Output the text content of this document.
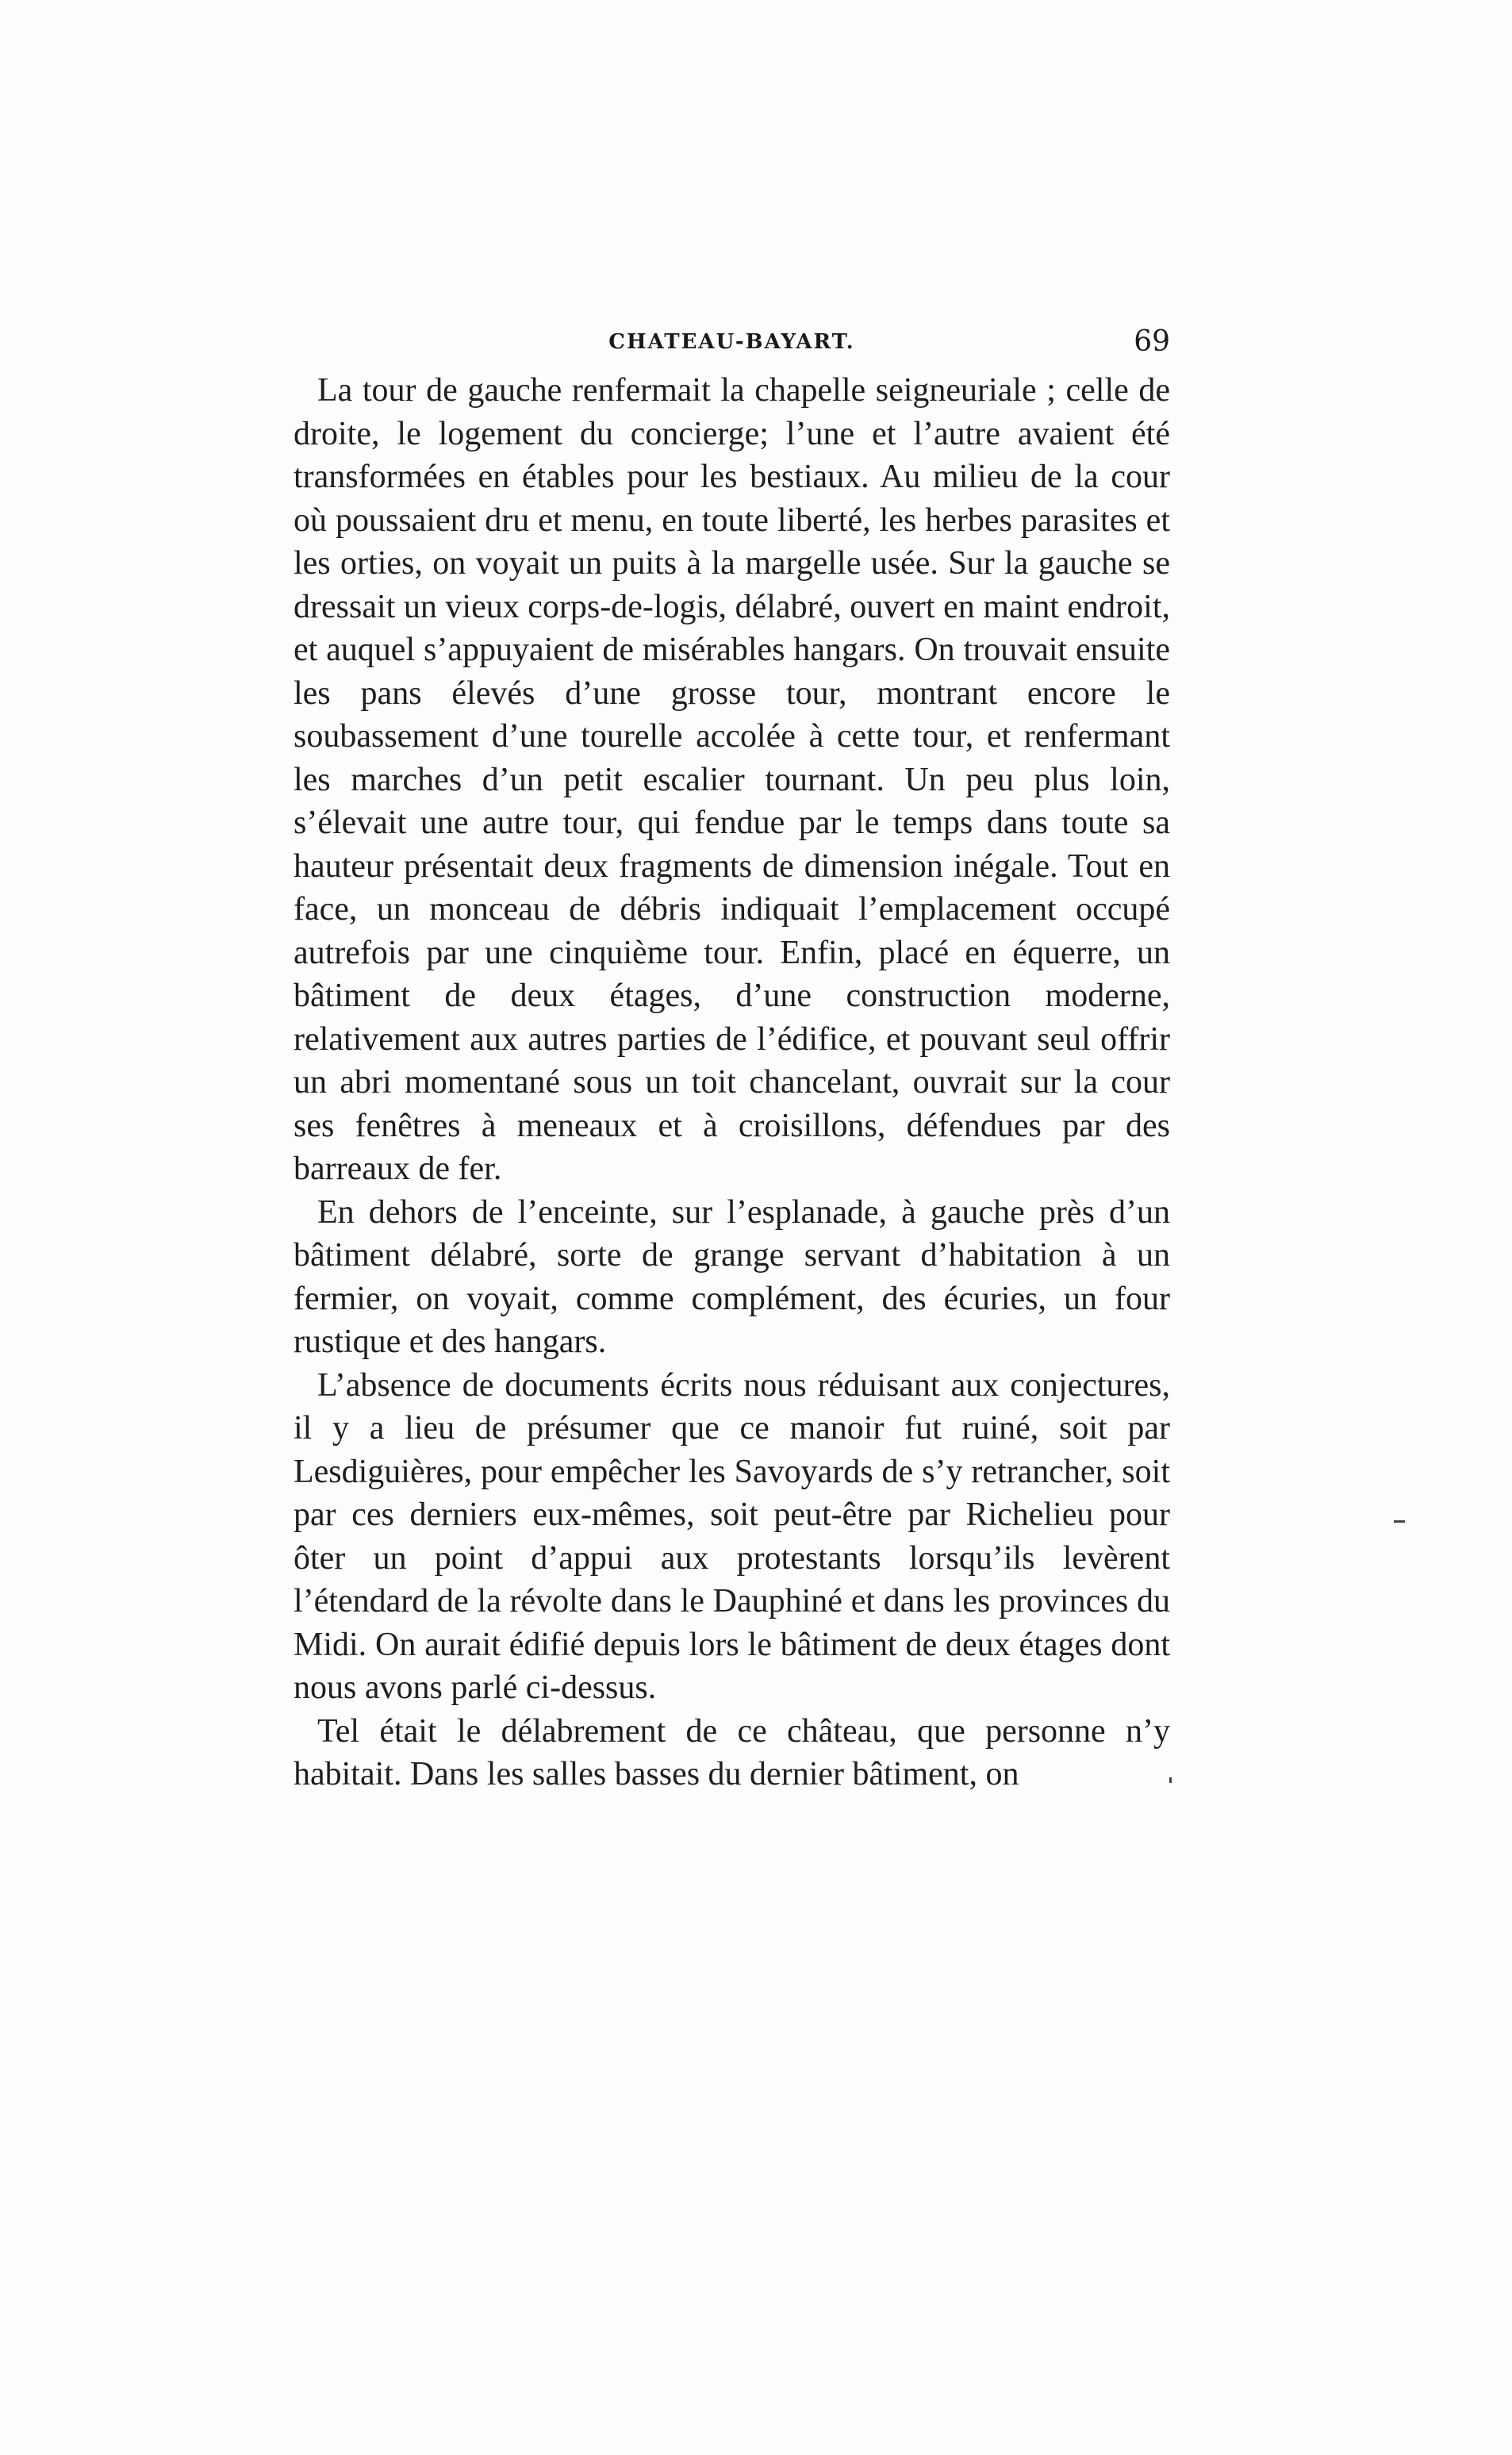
CHATEAU-BAYART.	69

La tour de gauche renfermait la chapelle seigneuriale ; celle de droite, le logement du concierge; l’une et l’autre avaient été transformées en étables pour les bestiaux. Au milieu de la cour où poussaient dru et menu, en toute liberté, les herbes parasites et les orties, on voyait un puits à la margelle usée. Sur la gauche se dressait un vieux corps-de-logis, délabré, ouvert en maint endroit, et auquel s’appuyaient de misérables hangars. On trouvait ensuite les pans élevés d’une grosse tour, montrant encore le soubassement d’une tourelle accolée à cette tour, et renfermant les marches d’un petit escalier tournant. Un peu plus loin, s’élevait une autre tour, qui fendue par le temps dans toute sa hauteur présentait deux fragments de dimension inégale. Tout en face, un monceau de débris indiquait l’emplacement occupé autrefois par une cinquième tour. Enfin, placé en équerre, un bâtiment de deux étages, d’une construction moderne, relativement aux autres parties de l’édifice, et pouvant seul offrir un abri momentané sous un toit chancelant, ouvrait sur la cour ses fenêtres à meneaux et à croisillons, défendues par des barreaux de fer.

En dehors de l’enceinte, sur l’esplanade, à gauche près d’un bâtiment délabré, sorte de grange servant d’habitation à un fermier, on voyait, comme complément, des écuries, un four rustique et des hangars.

L’absence de documents écrits nous réduisant aux conjectures, il y a lieu de présumer que ce manoir fut ruiné, soit par Lesdiguières, pour empêcher les Savoyards de s’y retrancher, soit par ces derniers eux-mêmes, soit peut-être par Richelieu pour ôter un point d’appui aux protestants lorsqu’ils levèrent l’étendard de la révolte dans le Dauphiné et dans les provinces du Midi. On aurait édifié depuis lors le bâtiment de deux étages dont nous avons parlé ci-dessus.

Tel était le délabrement de ce château, que personne n’y habitait. Dans les salles basses du dernier bâtiment, on
